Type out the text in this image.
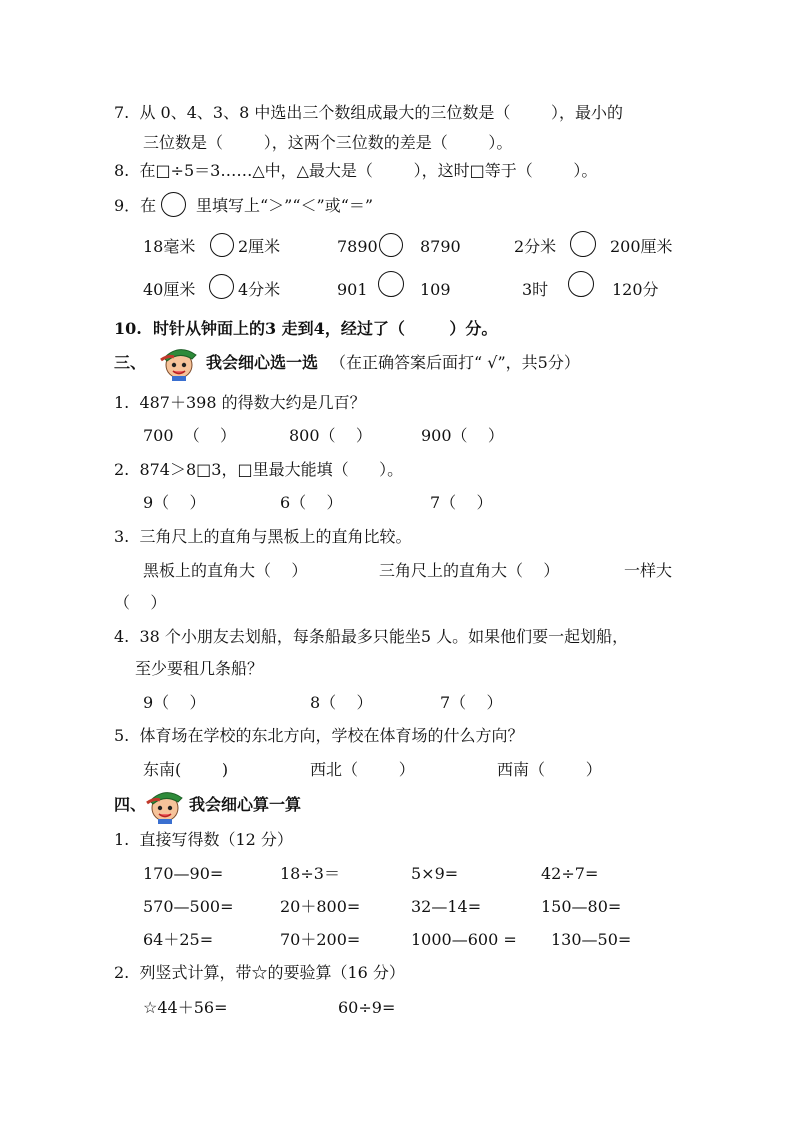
7.  从 0、4、3、8 中选出三个数组成最大的三位数是（        ），最小的
三位数是（        ），这两个三位数的差是（        ）。
8.  在□÷5＝3……△中，△最大是（        ），这时□等于（        ）。
9．在 里填写上“＞”“＜”或“＝”
18毫米	2厘米	7890	8790	2分米	200厘米
40厘米	4分米	901	109	3时	120分
10.  时针从钟面上的3 走到4，经过了（        ）分。
三、	我会细心选一选 （在正确答案后面打“ √”，共5分）
1.  487＋398 的得数大约是几百？
700  （    ）	800（    ）	900（    ）
2.  874＞8□3，□里最大能填（      ）。
9（    ）	6（    ）	7（    ）
3.  三角尺上的直角与黑板上的直角比较。
黑板上的直角大（    ）	三角尺上的直角大（    ）	一样大
（    ）
4.  38 个小朋友去划船，每条船最多只能坐5 人。如果他们要一起划船，
至少要租几条船？
9（    ）	8（    ）	7（    ）
5.  体育场在学校的东北方向，学校在体育场的什么方向？
东南(        )	西北（        ）	西南（        ）
四、	我会细心算一算
1.  直接写得数（12 分）
170—90=	18÷3＝	5×9=	42÷7=
570—500=	20＋800=	32—14=	150—80=
64＋25=	70＋200=	1000—600 = 130—50=
2.  列竖式计算，带☆的要验算（16 分）
☆44＋56=	60÷9=
